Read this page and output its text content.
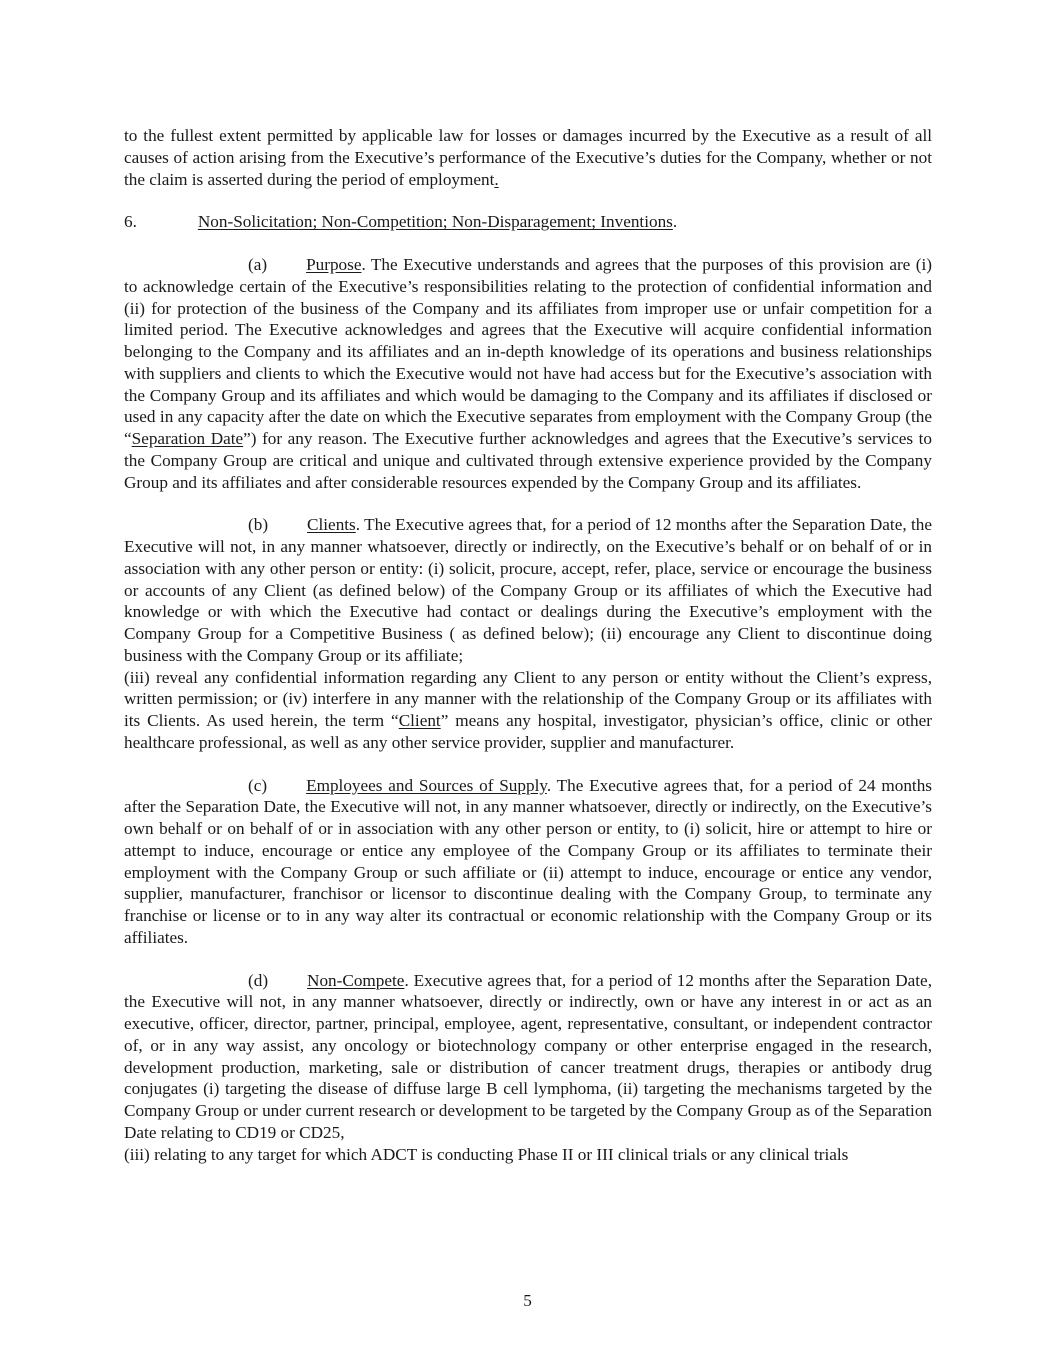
to the fullest extent permitted by applicable law for losses or damages incurred by the Executive as a result of all causes of action arising from the Executive’s performance of the Executive’s duties for the Company, whether or not the claim is asserted during the period of employment.

6.	Non-Solicitation; Non-Competition; Non-Disparagement; Inventions.

(a) Purpose. The Executive understands and agrees that the purposes of this provision are (i) to acknowledge certain of the Executive’s responsibilities relating to the protection of confidential information and (ii) for protection of the business of the Company and its affiliates from improper use or unfair competition for a limited period. The Executive acknowledges and agrees that the Executive will acquire confidential information belonging to the Company and its affiliates and an in-depth knowledge of its operations and business relationships with suppliers and clients to which the Executive would not have had access but for the Executive’s association with the Company Group and its affiliates and which would be damaging to the Company and its affiliates if disclosed or used in any capacity after the date on which the Executive separates from employment with the Company Group (the “Separation Date”) for any reason. The Executive further acknowledges and agrees that the Executive’s services to the Company Group are critical and unique and cultivated through extensive experience provided by the Company Group and its affiliates and after considerable resources expended by the Company Group and its affiliates.

(b) Clients. The Executive agrees that, for a period of 12 months after the Separation Date, the Executive will not, in any manner whatsoever, directly or indirectly, on the Executive’s behalf or on behalf of or in association with any other person or entity: (i) solicit, procure, accept, refer, place, service or encourage the business or accounts of any Client (as defined below) of the Company Group or its affiliates of which the Executive had knowledge or with which the Executive had contact or dealings during the Executive’s employment with the Company Group for a Competitive Business ( as defined below); (ii) encourage any Client to discontinue doing business with the Company Group or its affiliate;

(iii) reveal any confidential information regarding any Client to any person or entity without the Client’s express, written permission; or (iv) interfere in any manner with the relationship of the Company Group or its affiliates with its Clients. As used herein, the term “Client” means any hospital, investigator, physician’s office, clinic or other healthcare professional, as well as any other service provider, supplier and manufacturer.

(c) Employees and Sources of Supply. The Executive agrees that, for a period of 24 months after the Separation Date, the Executive will not, in any manner whatsoever, directly or indirectly, on the Executive’s own behalf or on behalf of or in association with any other person or entity, to (i) solicit, hire or attempt to hire or attempt to induce, encourage or entice any employee of the Company Group or its affiliates to terminate their employment with the Company Group or such affiliate or (ii) attempt to induce, encourage or entice any vendor, supplier, manufacturer, franchisor or licensor to discontinue dealing with the Company Group, to terminate any franchise or license or to in any way alter its contractual or economic relationship with the Company Group or its affiliates.

(d) Non-Compete. Executive agrees that, for a period of 12 months after the Separation Date, the Executive will not, in any manner whatsoever, directly or indirectly, own or have any interest in or act as an executive, officer, director, partner, principal, employee, agent, representative, consultant, or independent contractor of, or in any way assist, any oncology or biotechnology company or other enterprise engaged in the research, development production, marketing, sale or distribution of cancer treatment drugs, therapies or antibody drug conjugates (i) targeting the disease of diffuse large B cell lymphoma, (ii) targeting the mechanisms targeted by the Company Group or under current research or development to be targeted by the Company Group as of the Separation Date relating to CD19 or CD25,

(iii) relating to any target for which ADCT is conducting Phase II or III clinical trials or any clinical trials

5
